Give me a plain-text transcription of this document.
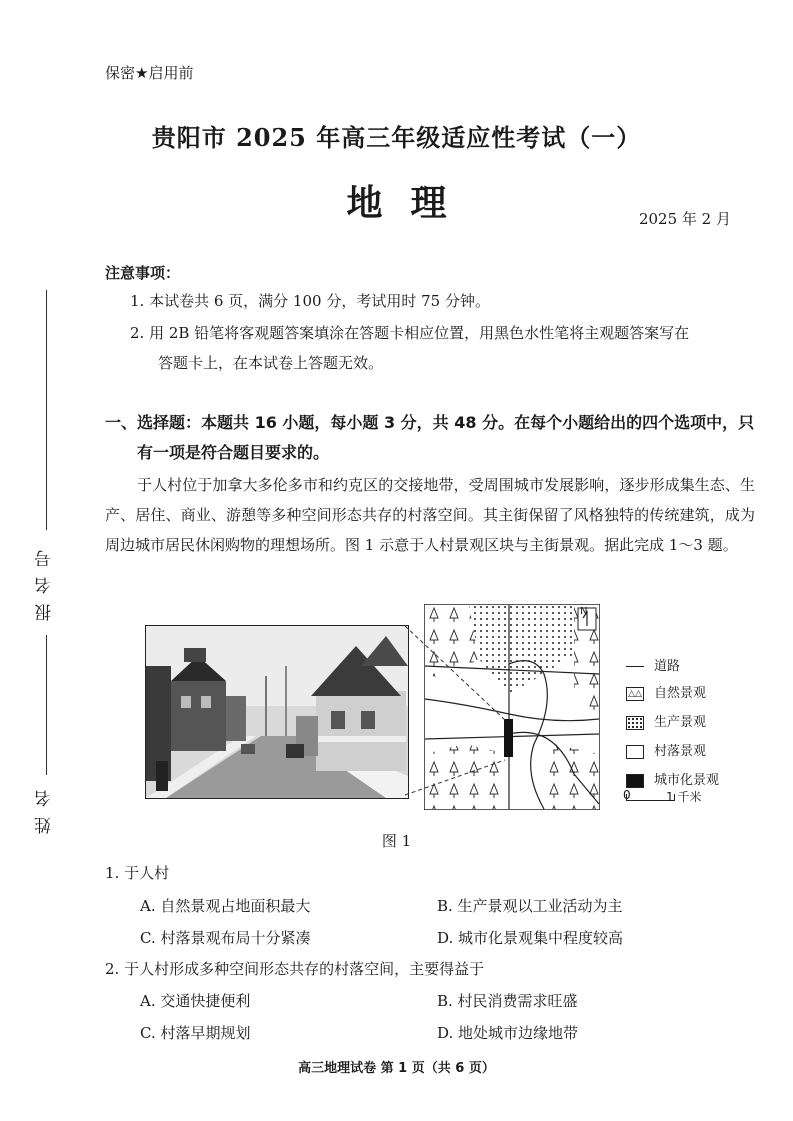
保密★启用前
贵阳市 2025 年高三年级适应性考试（一）
地理	2025 年 2 月
报名号
姓名
注意事项：
1. 本试卷共 6 页，满分 100 分，考试用时 75 分钟。
2. 用 2B 铅笔将客观题答案填涂在答题卡相应位置，用黑色水性笔将主观题答案写在
答题卡上，在本试卷上答题无效。
一、选择题：本题共 16 小题，每小题 3 分，共 48 分。在每个小题给出的四个选项中，只
有一项是符合题目要求的。
于人村位于加拿大多伦多市和约克区的交接地带，受周围城市发展影响，逐步形成集生态、生产、居住、商业、游憩等多种空间形态共存的村落空间。其主街保留了风格独特的传统建筑，成为周边城市居民休闲购物的理想场所。图 1 示意于人村景观区块与主街景观。据此完成 1～3 题。
N
道路
△△ 自然景观
生产景观
村落景观
城市化景观
0	1 千米
图 1
1. 于人村
A. 自然景观占地面积最大	B. 生产景观以工业活动为主
C. 村落景观布局十分紧凑	D. 城市化景观集中程度较高
2. 于人村形成多种空间形态共存的村落空间，主要得益于
A. 交通快捷便利	B. 村民消费需求旺盛
C. 村落早期规划	D. 地处城市边缘地带
高三地理试卷 第 1 页（共 6 页）
